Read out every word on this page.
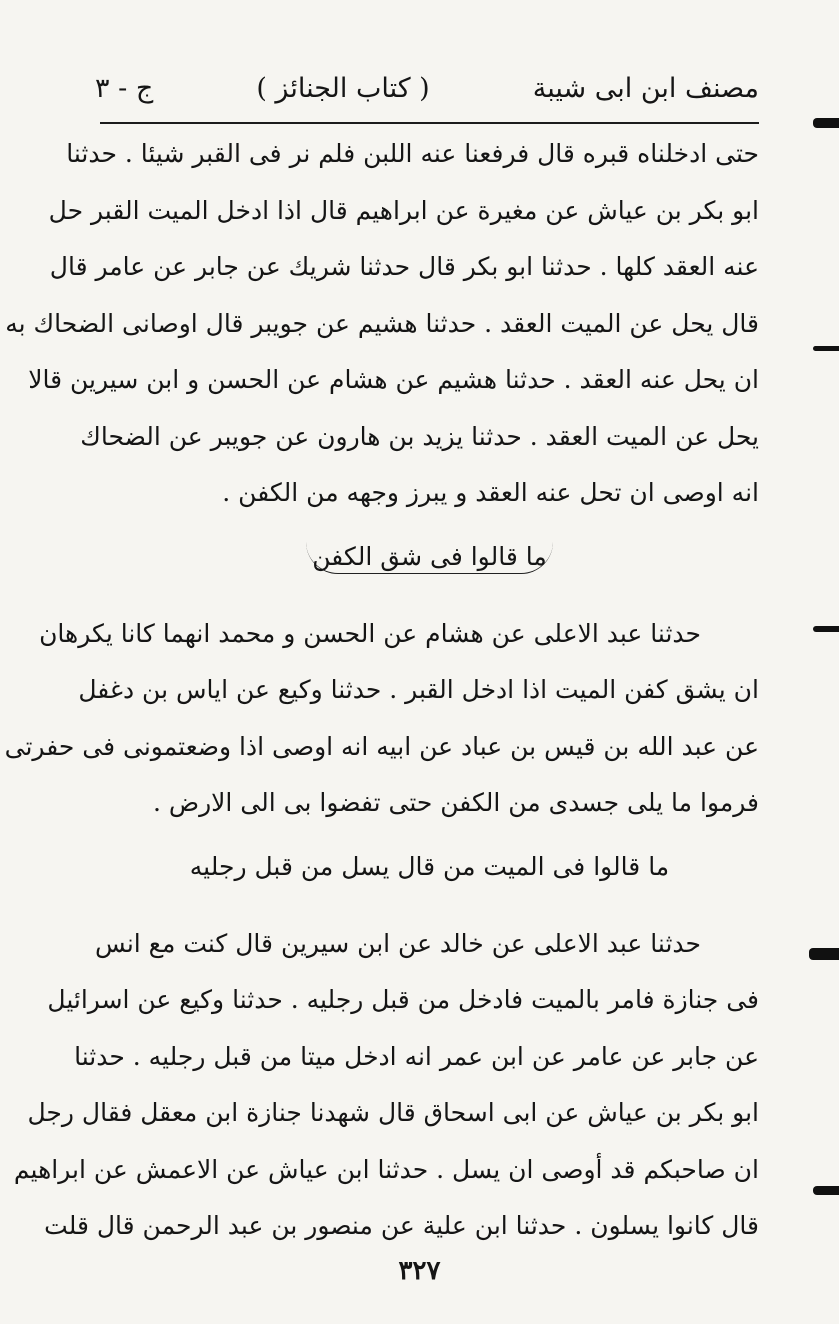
مصنف ابن ابى شيبة
( كتاب الجنائز )
ج - ٣
حتى ادخلناه قبره قال فرفعنا عنه اللبن فلم نر فى القبر شيئا . حدثنا
ابو بكر بن عياش عن مغيرة عن ابراهيم قال اذا ادخل الميت القبر حل
عنه العقد كلها . حدثنا ابو بكر قال حدثنا شريك عن جابر عن عامر قال
قال يحل عن الميت العقد . حدثنا هشيم عن جويبر قال اوصانى الضحاك به
ان يحل عنه العقد . حدثنا هشيم عن هشام عن الحسن و ابن سيرين قالا
يحل عن الميت العقد . حدثنا يزيد بن هارون عن جويبر عن الضحاك
انه اوصى ان تحل عنه العقد و يبرز وجهه من الكفن .
ما قالوا فى شق الكفن
حدثنا عبد الاعلى عن هشام عن الحسن و محمد انهما كانا يكرهان
ان يشق كفن الميت اذا ادخل القبر . حدثنا وكيع عن اياس بن دغفل
عن عبد الله بن قيس بن عباد عن ابيه انه اوصى اذا وضعتمونى فى حفرتى
فرموا ما يلى جسدى من الكفن حتى تفضوا بى الى الارض .
ما قالوا فى الميت من قال يسل من قبل رجليه
حدثنا عبد الاعلى عن خالد عن ابن سيرين قال كنت مع انس
فى جنازة فامر بالميت فادخل من قبل رجليه . حدثنا وكيع عن اسرائيل
عن جابر عن عامر عن ابن عمر انه ادخل ميتا من قبل رجليه . حدثنا
ابو بكر بن عياش عن ابى اسحاق قال شهدنا جنازة ابن معقل فقال رجل
ان صاحبكم قد أوصى ان يسل . حدثنا ابن عياش عن الاعمش عن ابراهيم
قال كانوا يسلون . حدثنا ابن علية عن منصور بن عبد الرحمن قال قلت
٣٢٧
